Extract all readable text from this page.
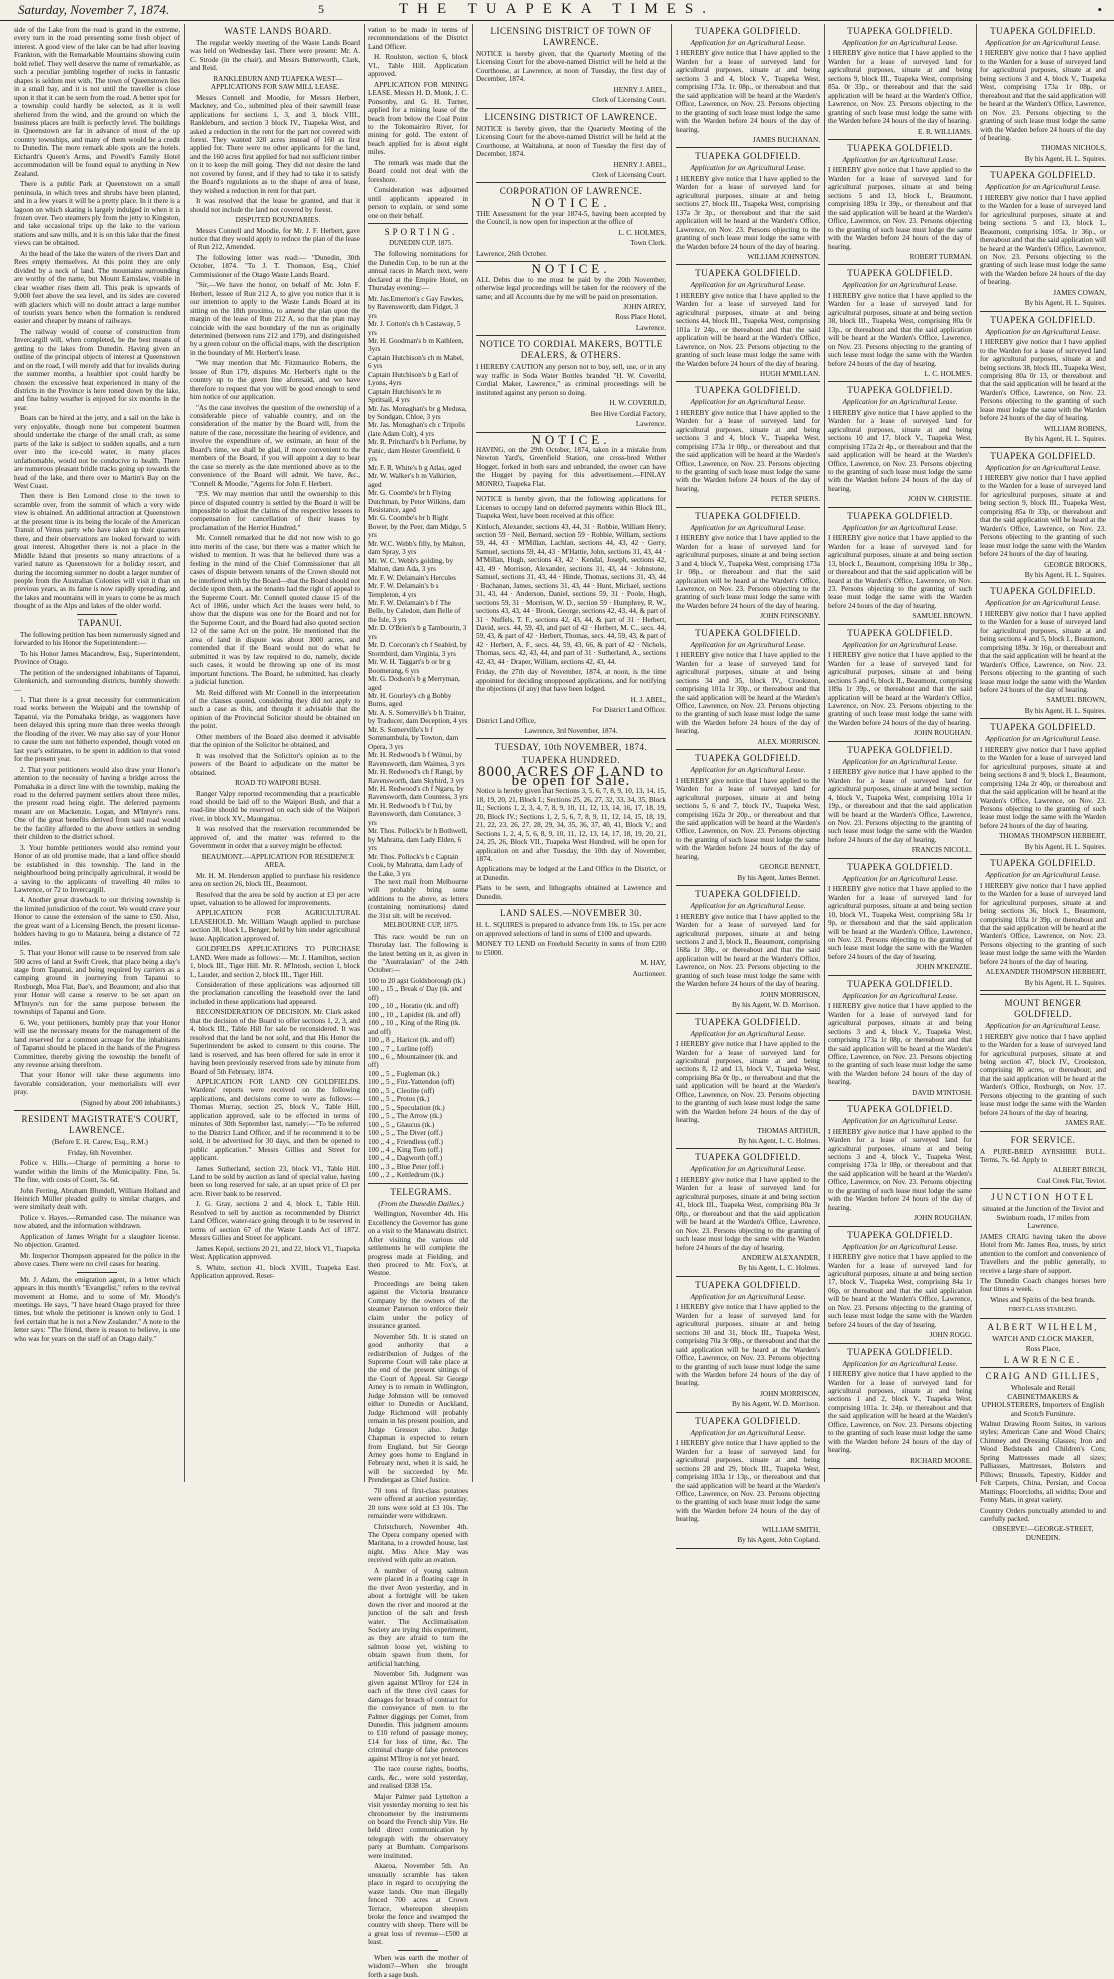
Saturday, November 7, 1874.	5	THE TUAPEKA TIMES.	•

side of the Lake from the road is grand in the extreme, every turn in the road presenting some fresh object of interest. A good view of the lake can be had after leaving Frankton, with the Remarkable Mountains showing cutin bold relief. They well deserve the name of remarkable, as such a peculiar jumbling together of rocks in fantastic shapes is seldom met with. The town of Queenstown lies in a small bay, and it is not until the traveller is close upon it that it can be seen from the road. A better spot for a township could hardly be selected, as it is well sheltered from the wind, and the ground on which the business places are built is perfectly level. The buildings in Queenstown are far in advance of most of the up country townships, and many of them would be a credit to Dunedin. The more remark able spots are the hotels. Eichardt's Queen's Arms, and Powell's Family Hotel accommodation will be found equal to anything in New Zealand.

There is a public Park at Queenstown on a small peninsula, in which trees and shrubs have been planted, and in a few years it will be a pretty place. In it there is a lagoon on which skating is largely indulged in when it is frozen over. Two steamers ply from the jetty to Kingston, and take occasional trips up the lake to the various stations and saw mills, and it is on this lake that the finest views can be obtained.

At the head of the lake the waters of the rivers Dart and Rees empty themselves. At this point they are only divided by a neck of land. The mountains surrounding are worthy of the name, but Mount Earnslaw, visible in clear weather rises them all. This peak is upwards of 9,000 feet above the sea level, and its sides are covered with glaciers which will no doubt attract a large number of tourists years hence when the formation is rendered easier and cheaper by means of railways.

The railway would of course of construction from Invercargill will, when completed, be the best means of getting to the lakes from Dunedin. Having given an outline of the principal objects of interest at Queenstown and on the road, I will merely add that for invalids during the summer months, a healthier spot could hardly be chosen: the excessive heat experienced in many of the districts in the Province is here toned down by the lake, and fine balmy weather is enjoyed for six months in the year.

Boats can be hired at the jetty, and a sail on the lake is very enjoyable, though none but competent boatmen should undertake the charge of the small craft, as some parts of the lake is subject to sudden squalls, and a turn over into the ice-cold water, in many places unfathomable, would not be conducive to health. There are numerous pleasant bridle tracks going up towards the head of the lake, and there over to Martin's Bay on the West Coast.

Then there is Ben Lomond close to the town to scramble over, from the summit of which a very wide view is obtained. An additional attraction at Queenstown at the present time is its being the locale of the American Transit of Venus party who have taken up their quarters there, and their observations are looked forward to with great interest. Altogether there is not a place in the Middle Island that presents so many attractions of a varied nature as Queenstown for a holiday resort, and during the incoming summer no doubt a larger number of people from the Australian Colonies will visit it than on previous years, as its fame is now rapidly spreading, and the lakes and mountains will in years to come be as much thought of as the Alps and lakes of the older world.

TAPANUI.

The following petition has been numerously signed and forwarded to his Honor the Superintendent:—

To his Honor James Macandrew, Esq., Superintendent, Province of Otago.

The petition of the undersigned inhabitants of Tapanui, Glenkenich, and surrounding districts, humbly showeth:—

1. That there is a great necessity for communication road works between the Waipahi and the township of Tapanui, via the Pomahaka bridge, as waggoners have been delayed this spring more than three weeks through the flooding of the river. We may also say of your Honor to cause the sum not hitherto expended, though voted on last year's estimates, to be spent in addition to that voted for the present year.

2. That your petitioners would also draw your Honor's attention to the necessity of having a bridge across the Pomahaka in a direct line with the township, making the road to the deferred payment settlers about three miles, the present road being eight. The deferred payments meant are on Mackenzie, Logan, and M'Intyre's runs. One of the great benefits derived from said road would be the facility afforded to the above settlers in sending their children to the district school.

3. Your humble petitioners would also remind your Honor of an old promise made, that a land office should be established in this township. The land in the neighbourhood being principally agricultural, it would be a saving to the applicants of travelling 40 miles to Lawrence, or 72 to Invercargill.

4. Another great drawback to our thriving township is the limited jurisdiction of the court. We would crave your Honor to cause the extension of the same to £50. Also, the great want of a Licensing Bench, the present license-holders having to go to Mataura, being a distance of 72 miles.

5. That your Honor will cause to be reserved from sale 500 acres of land at Swift Creek, that place being a day's stage from Tapanui, and being required by carriers as a camping ground in journeying from Tapanui to Roxburgh, Moa Flat, Bae's, and Beaumont; and also that your Honor will cause a reserve to be set apart on M'Intyre's run for the same purpose between the townships of Tapanui and Gore.

6. We, your petitioners, humbly pray that your Honor will use the necessary means for the management of the land reserved for a common acreage for the inhabitants of Tapanui should be placed in the hands of the Progress Committee, thereby giving the township the benefit of any revenue arising therefrom.

That your Honor will take these arguments into favorable consideration, your memorialists will ever pray.

(Signed by about 200 inhabitants.)

RESIDENT MAGISTRATE'S COURT, LAWRENCE.

(Before E. H. Carew, Esq., R.M.)

Friday, 6th November.

Police v. Hills.—Charge of permitting a horse to wander within the limits of the Municipality. Fine, 5s. The fine, with costs of Court, 5s. 6d.

John Ferring, Abraham Blundell, William Holland and Heinrich Müller pleaded guilty to similar charges, and were similarly dealt with.

Police v. Hayes.—Remanded case. The nuisance was now abated, and the information withdrawn.

Application of James Wright for a slaughter license. No objection. Granted.

Mr. Inspector Thompson appeared for the police in the above cases. There were no civil cases for hearing.

Mr. J. Adam, the emigration agent, in a letter which appears in this month's "Evangelist," refers to the revival movement at Home, and to some of Mr. Moody's meetings. He says, "I have heard Otago prayed for three times, but whole the petitioner is known only to God. I feel certain that he is not a New Zealander." A note to the letter says: "The friend, there is reason to believe, is one who was for years on the staff of an Otago daily."

WASTE LANDS BOARD.

The regular weekly meeting of the Waste Lands Board was held on Wednesday last. There were present: Mr. A. C. Strode (in the chair), and Messrs Butterworth, Clark, and Reid.

RANKLEBURN AND TUAPEKA WEST—APPLICATIONS FOR SAW MILL LEASE.

Messrs Connell and Moodie, for Messrs Herbert, Mackney, and Co., submitted plea of their sawmill lease applications for sections 1, 3, and 3, block VIII., Rankleburn, and section 3 block IV., Tuapeka West, and asked a reduction in the rent for the part not covered with forest. They wanted 320 acres instead of 160 as first applied for. There were no other applicants for the land, and the 160 acres first applied for had not sufficient timber on it to keep the mill going. They did not desire the land not covered by forest, and if they had to take it to satisfy the Board's regulations as to the shape of area of lease, they wished a reduction in rent for that part.

It was resolved that the lease be granted, and that it should not include the land not covered by forest.

DISPUTED BOUNDARIES.

Messrs Connell and Moodie, for Mr. J. F. Herbert, gave notice that they would apply to reduce the plan of the lease of Run 212, Amended.

The following letter was read:— "Dunedin, 30th October, 1874. "To J. T. Thomson, Esq., Chief Commissioner of the Otago Waste Lands Board.

"Sir,—We have the honor, on behalf of Mr. John F. Herbert, lessee of Run 212 A, to give you notice that it is our intention to apply to the Waste Lands Board at its sitting on the 18th proximo, to amend the plan upon the margin of the lease of Run 212 A, so that the plan may coincide with the east boundary of the run as originally determined (between runs 212 and 179), and distinguished by a green colour on the official maps, with the description in the boundary of Mr. Herbert's lease.

"We may mention that Mr. Fitzmaurice Roberts, the lessee of Run 179, disputes Mr. Herbert's right to the country up to the green line aforesaid, and we have therefore to request that you will be good enough to send him notice of our application.

"As the case involves the question of the ownership of a considerable piece of valuable country, and on the consideration of the matter by the Board will, from the nature of the case, necessitate the hearing of evidence, and involve the expenditure of, we estimate, an hour of the Board's time, we shall be glad, if more convenient to the members of the Board, if you will appoint a day to hear the case so merely as the date mentioned above as to the convenience of the Board will admit. We have, &c., "Connell & Moodie, "Agents for John F. Herbert.

"P.S. We may mention that until the ownership to this piece of disputed country is settled by the Board it will be impossible to adjust the claims of the respective lessees to compensation for cancellation of their leases by proclamation of the Herriot Hundred."

Mr. Connell remarked that he did not now wish to go into merits of the case, but there was a matter which he wished to mention. It was that he believed there was a feeling in the mind of the Chief Commissioner that all cases of dispute between tenants of the Crown should not be interfered with by the Board—that the Board should not decide upon them, as the tenants had the right of appeal to the Supreme Court. Mr. Connell quoted clause 15 of the Act of 1866, under which Act the leases were held, to show that the dispute was one for the Board and not for the Supreme Court, and the Board had also quoted section 12 of the same Act on the point. He mentioned that the area of land in dispute was about 3000 acres, and contended that if the Board would not do what he submitted it was by law required to do, namely, decide such cases, it would be throwing up one of its most important functions. The Board, he submitted, has clearly a judicial function.

Mr. Reid differed with Mr Connell in the interpretation of the clauses quoted, considering they did not apply to such a case as this, and thought it advisable that the opinion of the Provincial Solicitor should be obtained on the point.

Other members of the Board also deemed it advisable that the opinion of the Solicitor be obtained, and

It was resolved that the Solicitor's opinion as to the powers of the Board to adjudicate on the matter be obtained.

ROAD TO WAIPORI BUSH.

Ranger Valpy reported recommending that a practicable road should be laid off to the Waipori Bush, and that a road-line should be reserved on each side of the Waipori river, in block XV., Maungatua.

It was resolved that the reservation recommended be approved of, and the matter was referred to the Government in order that a survey might be effected.

BEAUMONT.—APPLICATION FOR RESIDENCE AREA.

Mr. H. M. Henderson applied to purchase his residence area on section 26, block III., Beaumont.

Resolved that the area be sold by auction at £3 per acre upset, valuation to be allowed for improvements.

APPLICATION FOR AGRICULTURAL LEASEHOLD. Mr. William Waugh applied to purchase section 38, block I., Benger, held by him under agricultural lease. Application approved of.

GOLDFIELDS APPLICATIONS TO PURCHASE LAND. Were made as follows:— Mr. J. Hamilton, section 1, block III., Tiger Hill. Mr. R. M'Intosh, section 1, block I., Lauder, and section 2, block III., Tiger Hill.

Consideration of these applications was adjourned till the proclamation cancelling the leasehold over the land included in these applications had appeared.

RECONSIDERATION OF DECISION. Mr. Clark asked that the decision of the Board to offer sections 1, 2, 3, and 4, block III., Table Hill for sale be reconsidered. It was resolved that the land be not sold, and that His Honor the Superintendent be asked to consent to this course. The land is reserved, and has been offered for sale in error it having been previously reserved from sale by minute from Board of 5th February, 1874.

APPLICATION FOR LAND ON GOLDFIELDS. Wardens' reports were received on the following applications, and decisions come to were as follows:— Thomas Murray, section 25, block V., Table Hill, application approved, sale to be effected in terms of minutes of 30th September last, namely:—"To be referred to the District Land Officer, and if he recommend it to be sold, it be advertised for 30 days, and then be opened to public application." Messrs Gillies and Street for applicant.

James Sutherland, section 23, block VI., Table Hill. Land to be sold by auction as land of special value, having been so long reserved for sale, at an upset price of £3 per acre. River bank to be reserved.

J. G. Gray, sections 2 and 4, block I., Table Hill. Resolved to sell by auction as recommended by District Land Officer, water-race going through it to be reserved in terms of section 67 of the Waste Lands Act of 1872. Messrs Gillies and Street for applicant.

James Kepol, sections 20 21, and 22, block VI., Tuapeka West. Application approved.

S. White, section 41, block XVIII., Tuapeka East. Application approved. Reser-

vation to be made in terms of recommendations of the District Land Officer.

H. Roulston, section 6, block VI., Table Hill. Application approved.

APPLICATION FOR MINING LEASE. Messrs H. D. Monk, J. C. Ponsonby, and G. H. Turner, applied for a mining lease of the beach from below the Coal Point to the Tokomairiro River, for mining for gold. The extent of beach applied for is about eight miles.

The remark was made that the Board could not deal with the foreshore.

Consideration was adjourned until applicants appeared in person to explain, or send some one on their behalf.

SPORTING.

DUNEDIN CUP, 1875.

The following nominations for the Dunedin Cup, to be run at the annual races in March next, were declared at the Empire Hotel, on Thursday evening:—

Mr. Jas.Emerton's c Gay Fawkes, by Ravenswortb, dam Fidget, 3 yrs

Mr. J. Cotton's ch h Castaway, 5 yrs

Mr. H. Goodman's b m Kathleen, 3yrs

Captain Hutchison's ch m Mabel, 6 yrs

Captain Hutchison's b g Earl of Lyons, 4yrs

Captain Hutchison's br m Spritsail, 4 yrs

Mr. Jas. Monaghan's br g Medusa, by Sondgan, Chloe, 3 yrs

Mr. Jas. Monaghan's ch c Tripolis (late Adam Colt), 4 yrs

Mr. R. Pritchard's b h Perfume, by Panic, dam Hester Greenfield, 6 yrs

Mr. F. R. White's b g Atlas, aged

Mr. W. Walker's b m Valkirien, aged

Mr. G. Coombe's br h Flying Dutchman, by Peter Wilkins, dam Resistance, aged

Mr. G. Coombe's br h Right Bower, by the Peer, dam Midge, 5 yrs

Mr. W.C. Webb's filly, by Malton, dam Spray, 3 yrs

Mr. W. C. Webb's golding, by Malton, dam Ada, 3 yrs

Mr. F. W. Delamain's Hercules

Mr. F. W. Delamain's b s Templeton, 4 yrs

Mr. F. W. Delamain's b f The Belle, by Caledon, dam Belle of the Isle, 3 yrs

Mr. D. O'Brien's b g Tambourin, 3 yrs

Mr. D. Corcoran's ch f Seabird, by Stormbird, dam Virginia, 3 yrs

Mr. W. H. Taggart's b or br g Boomerang, 6 yrs

Mr. G. Dodson's b g Merryman, aged

Mr. H. Gourley's ch g Bobby Burns, aged

Mr. A. S. Somerville's b h Traitor, by Traducer, dam Deception, 4 yrs

Mr. S. Somerville's b f Sommambula, by Towton, dam Opera, 3 yrs

Mr. H. Redwood's b f Wiinui, by Ravensworth, dam Waimea, 3 yrs

Mr. H. Redwood's ch f Rangi, by Ravensworth, dam Skybird, 3 yrs

Mr. H. Redwood's ch f Ngaru, by Ravensworth, dam Countess, 3 yrs

Mr. H. Redwood's b f Tui, by Ravensworth, dam Constance, 3 yrs

Mr. Thos. Pollock's br h Bothwell, by Mahratta, dam Lady Elden, 6 yrs

Mr. Thos. Pollock's b c Captain Cook, by Mahratta, dam Lady of the Lake, 3 yrs

The next mail from Melbourne will probably bring some additions to the above, as letters (containing nominations) dated the 31st ult. will be received.

MELBOURNE CUP, 1875.

This race would be run on Thursday last. The following is the latest betting on it, as given in the "Australasian" of the 24th October:—

100 to 20 agst Goldsborough (tk.)

100 ,, 15 ,, Break o' Day (tk. and off)

100 ,, 10 ,, Horatio (tk. and off)

100 ,, 10 ,, Lapidist (tk. and off)

100 ,, 10 ,, King of the Ring (tk. and off)

100 ,, 8 ,, Haricot (tk. and off)

100 ,, 7 ,, Lurline (off)

100 ,, 6 ,, Mountaineer (tk. and off)

100 ,, 5 ,, Fugleman (tk.)

100 ,, 5 ,, Fitz-Yattendon (off)

100 ,, 5 ,, Cleolite (off)

100 ,, 5 ,, Protos (tk.)

100 ,, 5 ,, Speculation (tk.)

100 ,, 5 ,, The Arrow (tk.)

100 ,, 5 ,, Glaucus (tk.)

100 ,, 5 ,, The Diver (off.)

100 ,, 4 ,, Friendless (off.)

100 ,, 4 ,, King Tom (off.)

100 ,, 4 ,, Dagworth (off.)

100 ,, 3 ,, Blue Peter (off.)

100 ,, 2 ,, Kettledrum (tk.)

TELEGRAMS.

(From the Dunedin Dailies.)

Wellington, November 4th. His Excellency the Governor has gone on a visit to the Manawatu district. After visiting the various old settlements he will complete the progress made at Fielding, and then proceed to Mr. Fox's, at Westoe.

Proceedings are being taken against the Victoria Insurance Company by the owners of the steamer Paterson to enforce their claim under the policy of insurance granted.

November 5th. It is stated on good authority that a redistribution of Judges of the Supreme Court will take place at the end of the present sittings of the Court of Appeal. Sir George Arney is to remain in Wellington, Judge Johnston will be removed either to Dunedin or Auckland, Judge Richmond will probably remain in his present position, and Judge Gresson also. Judge Chapman is expected to return from England, but Sir George Arney goes home to England in February next, when it is said, he will be succeeded by Mr. Prendergast as Chief Justice.

70 tons of first-class potatoes were offered at auction yesterday. 20 tons were sold at £3 10s. The remainder were withdrawn.

Christchurch, November 4th. The Opera company opened with Maritana, to a crowded house, last night. Miss Alice May was received with quite an ovation.

A number of young salmon were placed in a floating cage in the river Avon yesterday, and in about a fortnight will be taken down the river and moored at the junction of the salt and fresh water. The Acclimatisation Society are trying this experiment, as they are afraid to turn the salmon loose yet, wishing to obtain spawn from them, for artificial hatching.

November 5th. Judgment was given against M'Ilroy for £24 in each of the three civil cases for damages for breach of contract for the conveyance of men to the Palmer diggings per Comet, from Dunedin. This judgment amounts to £10 refund of passage money, £14 for loss of time, &c. The criminal charge of false pretences against M'Ilroy is not yet heard.

The race course rights, booths, cards, &c., were sold yesterday, and realised £838 15s.

Major Palmer paid Lyttelton a visit yesterday morning to test his chronometer by the instruments on board the French ship Vire. He held direct communication by telegraph with the observatory party at Burnham. Comparisons were instituted.

Akaroa, November 5th. An unusually scramble has taken place in regard to occupying the waste lands. One man illegally fenced 700 acres at Crown Terrace, whereupon sheepists broke the fence and swamped the country with sheep. There will be a great loss of revenue—£500 at least.

When was earth the mother of wisdom?—When she brought forth a sage bush.

LICENSING DISTRICT OF TOWN OF LAWRENCE.

NOTICE is hereby given, that the Quarterly Meeting of the Licensing Court for the above-named District will be held at the Courthouse, at Lawrence, at noon of Tuesday, the first day of December, 1874.

HENRY J. ABEL,

Clerk of Licensing Court.

LICENSING DISTRICT OF LAWRENCE.

NOTICE is hereby given, that the Quarterly Meeting of the Licensing Court for the above-named District will be held at the Courthouse, at Waitahuna, at noon of Tuesday the first day of December, 1874.

HENRY J. ABEL,

Clerk of Licensing Court.

CORPORATION OF LAWRENCE.

NOTICE.

THE Assessment for the year 1874-5, having been accepted by the Council, is now open for inspection at the office of

L. C. HOLMES,

Town Clerk.

Lawrence, 26th October.

NOTICE.

ALL Debts due to me must be paid by the 20th November, otherwise legal proceedings will be taken for the recovery of the same; and all Accounts due by me will be paid on presentation.

JOHN AIREY,

Ross Place Hotel,

Lawrence.

NOTICE TO CORDIAL MAKERS, BOTTLE DEALERS, & OTHERS.

I HEREBY CAUTION any person not to buy, sell, use, or in any way traffic in Soda Water Bottles branded "H. W. Coverild, Cordial Maker, Lawrence," as criminal proceedings will be instituted against any person so doing.

H. W. COVERILD,

Bee Hive Cordial Factory,

Lawrence.

NOTICE.

HAVING, on the 29th October, 1874, taken in a mistake from Newton Yard's, Greenfield Station, one cross-bred Wether Hogget, forked in both ears and unbranded, the owner can have the Hogget by paying for this advertisement.—FINLAY MONRO, Tuapeka Flat.

NOTICE is hereby given, that the following applications for Licenses to occupy land on deferred payments within Block III., Tuapeka West, have been received at this office:

Kinloch, Alexander, sections 43, 44, 31 · Robbie, William Henry, section 59 · Neil, Bernard, section 59 · Robbie, William, sections 59, 44, 43 · M'Millan, Lachlan, sections 44, 43, 42 · Gerry, Samuel, sections 59, 44, 43 · M'Hattie, John, sections 31, 43, 44 · M'Millan, Hugh, sections 43, 42 · Kendal, Joseph, sections 42, 43, 49 · Morrison, Alexander, sections 31, 43, 44 · Johnstone, Samuel, sections 31, 43, 44 · Hinde, Thomas, sections 31, 43, 44 · Buchanan, James, sections 31, 43, 44 · Hunt, Michael, sections 31, 43, 44 · Anderson, Daniel, sections 59, 31 · Poole, Hugh, sections 59, 31 · Morrison, W. D., section 59 · Humphrey, R. W., sections 43, 43, 44 · Brook, George, sections 42, 43, 44, & part of 31 · Nuffels, T. F., sections 42, 43, 44, & part of 31 · Herbert, David, secs. 44, 59, 43, and part of 42 · Herbert, M. C., secs. 44, 59, 43, & part of 42 · Herbert, Thomas, secs. 44, 59, 43, & part of 42 · Herbert, A. F., secs. 44, 59, 43, 66, & part of 42 · Nichols, Thomas, secs. 42, 43, 44, and part of 31 · Sutherland, A., sections 42, 43, 44 · Draper, William, sections 42, 43, 44.

Friday, the 27th day of November, 1874, at noon, is the time appointed for deciding unopposed applications, and for notifying the objections (if any) that have been lodged.

H. J. ABEL,

For District Land Officer.

District Land Office,

Lawrence, 3rd November, 1874.

TUESDAY, 10th NOVEMBER, 1874.

TUAPEKA HUNDRED.

8000 ACRES OF LAND to be open for Sale.

Notice is hereby given that Sections 3, 5, 6, 7, 8, 9, 10, 13, 14, 15, 18, 19, 20, 21, Block I.; Sections 25, 26, 27, 32, 33, 34, 35, Block II.; Sections 1, 2, 3, 4, 7, 8, 9, 10, 11, 12, 13, 14, 16, 17, 18, 19, 20, Block IV.; Sections 1, 2, 5, 6, 7, 8, 9, 11, 12, 14, 15, 18, 19, 21, 22, 23, 26, 27, 28, 29, 34, 35, 36, 37, 40, 41, Block V.; and Sections 1, 2, 4, 5, 6, 8, 9, 10, 11, 12, 13, 14, 17, 18, 19, 20, 21, 24, 25, 26, Block VII., Tuapeka West Hundred, will be open for application on and after Tuesday, the 10th day of November, 1874.

Applications may be lodged at the Land Office in the District, or at Dunedin.

Plans to be seen, and lithographs obtained at Lawrence and Dunedin.

LAND SALES.—NOVEMBER 30.

H. L. SQUIRES is prepared to advance from 10s. to 15s. per acre on approved selections of land in sums of £100 and upwards.

MONEY TO LEND on Freehold Security in sums of from £200 to £5000.

M. HAY,

Auctioneer.

TUAPEKA GOLDFIELD.

Application for an Agricultural Lease.

I HEREBY give notice that I have applied to the Warden for a lease of surveyed land for agricultural purposes, situate at and being sections 3 and 4, block V., Tuapeka West, comprising 173a. 1r. 08p., or thereabout and that the said application will be heard at the Warden's Office, Lawrence, on Nov. 23. Persons objecting to the granting of such lease must lodge the same with the Warden before 24 hours of the day of hearing.

JAMES BUCHANAN.

TUAPEKA GOLDFIELD.

Application for an Agricultural Lease.

I HEREBY give notice that I have applied to the Warden for a lease of surveyed land for agricultural purposes, situate at and being sections 27, block III., Tuapeka West, comprising 137a 3r 3p., or thereabout and that the said application will be heard at the Warden's Office, Lawrence, on Nov. 23. Persons objecting to the granting of such lease must lodge the same with the Warden before 24 hours of the day of hearing.

WILLIAM JOHNSTON.

TUAPEKA GOLDFIELD.

Application for an Agricultural Lease.

I HEREBY give notice that I have applied to the Warden for a lease of surveyed land for agricultural purposes, situate at and being sections 44, block III., Tuapeka West, comprising 101a 1r 24p., or thereabout and that the said application will be heard at the Warden's Office, Lawrence, on Nov. 23. Persons objecting to the granting of such lease must lodge the same with the Warden before 24 hours of the day of hearing.

HUGH M'MILLAN.

TUAPEKA GOLDFIELD.

Application for an Agricultural Lease.

I HEREBY give notice that I have applied to the Warden for a lease of surveyed land for agricultural purposes, situate at and being sections 3 and 4, block V., Tuapeka West, comprising 173a 1r 08p., or thereabout and that the said application will be heard at the Warden's Office, Lawrence, on Nov. 23. Persons objecting to the granting of such lease must lodge the same with the Warden before 24 hours of the day of hearing.

PETER SPIERS.

TUAPEKA GOLDFIELD.

Application for an Agricultural Lease.

I HEREBY give notice that I have applied to the Warden for a lease of surveyed land for agricultural purposes, situate at and being section 3 and 4, block V., Tuapeka West, comprising 173a 1r 08p., or thereabout and that the said application will be heard at the Warden's Office, Lawrence, on Nov. 23. Persons objecting to the granting of such lease must lodge the same with the Warden before 24 hours of the day of hearing.

JOHN FONSONBY.

TUAPEKA GOLDFIELD.

Application for an Agricultural Lease.

I HEREBY give notice that I have applied to the Warden for a lease of surveyed land for agricultural purposes, situate at and being sections 34 and 35, block IV., Crookston, comprising 101a 1r 30p., or thereabout and that the said application will be heard at the Warden's Office, Lawrence, on Nov. 23. Persons objecting to the granting of such lease must lodge the same with the Warden before 24 hours of the day of hearing.

ALEX. MORRISON.

TUAPEKA GOLDFIELD.

Application for an Agricultural Lease.

I HEREBY give notice that I have applied to the Warden for a lease of surveyed land for agricultural purposes, situate at and being sections 5, 6 and 7, block IV., Tuapeka West, comprising 162a 3r 20p., or thereabout and that the said application will be heard at the Warden's Office, Lawrence, on Nov. 23. Persons objecting to the granting of such lease must lodge the same with the Warden before 24 hours of the day of hearing.

GEORGE BENNET,

By his Agent, James Bennet.

TUAPEKA GOLDFIELD.

Application for an Agricultural Lease.

I HEREBY give notice that I have applied to the Warden for a lease of surveyed land for agricultural purposes, situate at and being sections 2 and 3, block II., Beaumont, comprising 168a 1r 38p., or thereabout and that the said application will be heard at the Warden's Office, Lawrence, on Nov. 23. Persons objecting to the granting of such lease must lodge the same with the Warden before 24 hours of the day of hearing.

JOHN MORRISON,

By his Agent, W. D. Morrison.

TUAPEKA GOLDFIELD.

Application for an Agricultural Lease.

I HEREBY give notice that I have applied to the Warden for a lease of surveyed land for agricultural purposes, situate at and being sections 8, 12 and 13, block V., Tuapeka West, comprising 86a 0r 0p., or thereabout and that the said application will be heard at the Warden's Office, Lawrence, on Nov. 23. Persons objecting to the granting of such lease must lodge the same with the Warden before 24 hours of the day of hearing.

THOMAS ARTHUR,

By his Agent, L. C. Holmes.

TUAPEKA GOLDFIELD.

Application for an Agricultural Lease.

I HEREBY give notice that I have applied to the Warden for a lease of surveyed land for agricultural purposes, situate at and being section 41, block III., Tuapeka West, comprising 80a 3r 08p., or thereabout and that the said application will be heard at the Warden's Office, Lawrence, on Nov. 23. Persons objecting to the granting of such lease must lodge the same with the Warden before 24 hours of the day of hearing.

ANDREW ALEXANDER,

By his Agent, L. C. Holmes.

TUAPEKA GOLDFIELD.

Application for an Agricultural Lease.

I HEREBY give notice that I have applied to the Warden for a lease of surveyed land for agricultural purposes, situate at and being sections 30 and 31, block III., Tuapeka West, comprising 70a 3r 08p., or thereabout and that the said application will be heard at the Warden's Office, Lawrence, on Nov. 23. Persons objecting to the granting of such lease must lodge the same with the Warden before 24 hours of the day of hearing.

JOHN MORRISON,

By his Agent, W. D. Morrison.

TUAPEKA GOLDFIELD.

Application for an Agricultural Lease.

I HEREBY give notice that I have applied to the Warden for a lease of surveyed land for agricultural purposes, situate at and being sections 28 and 29, block III., Tuapeka West, comprising 103a 1r 13p., or thereabout and that the said application will be heard at the Warden's Office, Lawrence, on Nov. 23. Persons objecting to the granting of such lease must lodge the same with the Warden before 24 hours of the day of hearing.

WILLIAM SMITH,

By his Agent, John Copland.

TUAPEKA GOLDFIELD.

Application for an Agricultural Lease.

I HEREBY give notice that I have applied to the Warden for a lease of surveyed land for agricultural purposes, situate at and being sections 9, block III., Tuapeka West, comprising 85a. 0r 33p., or thereabout and that the said application will be heard at the Warden's Office, Lawrence, on Nov. 23. Persons objecting to the granting of such lease must lodge the same with the Warden before 24 hours of the day of hearing.

E. R. WILLIAMS.

TUAPEKA GOLDFIELD.

Application for an Agricultural Lease.

I HEREBY give notice that I have applied to the Warden for a lease of surveyed land for agricultural purposes, situate at and being sections 5 and 13, block I., Beaumont, comprising 189a 1r 39p., or thereabout and that the said application will be heard at the Warden's Office, Lawrence, on Nov. 23. Persons objecting to the granting of such lease must lodge the same with the Warden before 24 hours of the day of hearing.

ROBERT TURMAN.

TUAPEKA GOLDFIELD.

Application for an Agricultural Lease.

I HEREBY give notice that I have applied to the Warden for a lease of surveyed land for agricultural purposes, situate at and being section 38, block III., Tuapeka West, comprising 80a 0r 13p., or thereabout and that the said application will be heard at the Warden's Office, Lawrence, on Nov. 23. Persons objecting to the granting of such lease must lodge the same with the Warden before 24 hours of the day of hearing.

L. C. HOLMES.

TUAPEKA GOLDFIELD.

Application for an Agricultural Lease.

I HEREBY give notice that I have applied to the Warden for a lease of surveyed land for agricultural purposes, situate at and being sections 10 and 17, block V., Tuapeka West, comprising 172a 2r 4p., or thereabout and that the said application will be heard at the Warden's Office, Lawrence, on Nov. 23. Persons objecting to the granting of such lease must lodge the same with the Warden before 24 hours of the day of hearing.

JOHN W. CHRISTIE.

TUAPEKA GOLDFIELD.

Application for an Agricultural Lease.

I HEREBY give notice that I have applied to the Warden for a lease of surveyed land for agricultural purposes, situate at and being section 13, block I., Beaumont, comprising 109a 1r 38p., or thereabout and that the said application will be heard at the Warden's Office, Lawrence, on Nov. 23. Persons objecting to the granting of such lease must lodge the same with the Warden before 24 hours of the day of hearing.

SAMUEL BROWN.

TUAPEKA GOLDFIELD.

Application for an Agricultural Lease.

I HEREBY give notice that I have applied to the Warden for a lease of surveyed land for agricultural purposes, situate at and being sections 5 and 6, block II., Beaumont, comprising 189a 1r 39p., or thereabout and that the said application will be heard at the Warden's Office, Lawrence, on Nov. 23. Persons objecting to the granting of such lease must lodge the same with the Warden before 24 hours of the day of hearing.

JOHN ROUGHAN.

TUAPEKA GOLDFIELD.

Application for an Agricultural Lease.

I HEREBY give notice that I have applied to the Warden for a lease of surveyed land for agricultural purposes, situate at and being section 4, block V., Tuapeka West, comprising 101a 1r 19p., or thereabout and that the said application will be heard at the Warden's Office, Lawrence, on Nov. 23. Persons objecting to the granting of such lease must lodge the same with the Warden before 24 hours of the day of hearing.

FRANCIS NICOLL.

TUAPEKA GOLDFIELD.

Application for an Agricultural Lease.

I HEREBY give notice that I have applied to the Warden for a lease of surveyed land for agricultural purposes, situate at and being section 10, block VI., Tuapeka West, comprising 58a 1r 9p, or thereabout and that the said application will be heard at the Warden's Office, Lawrence, on Nov. 23. Persons objecting to the granting of such lease must lodge the same with the Warden before 24 hours of the day of hearing.

JOHN M'KENZIE.

TUAPEKA GOLDFIELD.

Application for an Agricultural Lease.

I HEREBY give notice that I have applied to the Warden for a lease of surveyed land for agricultural purposes, situate at and being sections 3 and 4, block V., Tuapeka West, comprising 173a 1r 08p, or thereabout and that the said application will be heard at the Warden's Office, Lawrence, on Nov. 23. Persons objecting to the granting of such lease must lodge the same with the Warden before 24 hours of the day of hearing.

DAVID M'INTOSH.

TUAPEKA GOLDFIELD.

Application for an Agricultural Lease.

I HEREBY give notice that I have applied to the Warden for a lease of surveyed land for agricultural purposes, situate at and being sections 3 and 4, block V., Tuapeka West, comprising 173a 1r 08p, or thereabout and that the said application will be heard at the Warden's Office, Lawrence, on Nov. 23. Persons objecting to the granting of such lease must lodge the same with the Warden before 24 hours of the day of hearing.

JOHN ROUGHAN.

TUAPEKA GOLDFIELD.

Application for an Agricultural Lease.

I HEREBY give notice that I have applied to the Warden for a lease of surveyed land for agricultural purposes, situate at and being section 17, block V., Tuapeka West, comprising 84a 1r 06p, or thereabout and that the said application will be heard at the Warden's Office, Lawrence, on Nov. 23. Persons objecting to the granting of such lease must lodge the same with the Warden before 24 hours of the day of hearing.

JOHN ROGG.

TUAPEKA GOLDFIELD.

Application for an Agricultural Lease.

I HEREBY give notice that I have applied to the Warden for a lease of surveyed land for agricultural purposes, situate at and being sections 1 and 2, block V., Tuapeka West, comprising 101a. 1r. 24p. or thereabout and that the said application will be heard at the Warden's Office, Lawrence, on Nov. 23. Persons objecting to the granting of such lease must lodge the same with the Warden before 24 hours of the day of hearing.

RICHARD MOORE.

TUAPEKA GOLDFIELD.

Application for an Agricultural Lease.

I HEREBY give notice that I have applied to the Warden for a lease of surveyed land for agricultural purposes, situate at and being sections 3 and 4, block V., Tuapeka West, comprising 173a 1r 08p, or thereabout and that the said application will be heard at the Warden's Office, Lawrence, on Nov. 23. Persons objecting to the granting of such lease must lodge the same with the Warden before 24 hours of the day of hearing.

THOMAS NICHOLS,

By his Agent, H. L. Squires.

TUAPEKA GOLDFIELD.

Application for an Agricultural Lease.

I HEREBY give notice that I have applied to the Warden for a lease of surveyed land for agricultural purposes, situate at and being sections 5 and 13, block I., Beaumont, comprising 105a. 1r 36p., or thereabout and that the said application will be heard at the Warden's Office, Lawrence, on Nov. 23. Persons objecting to the granting of such lease must lodge the same with the Warden before 24 hours of the day of hearing.

JAMES COWAN,

By his Agent, H. L. Squires.

TUAPEKA GOLDFIELD.

Application for an Agricultural Lease.

I HEREBY give notice that I have applied to the Warden for a lease of surveyed land for agricultural purposes, situate at and being sections 38, block III., Tuapeka West, comprising 80a 0r 13, or thereabout and that the said application will be heard at the Warden's Office, Lawrence, on Nov. 23. Persons objecting to the granting of such lease must lodge the same with the Warden before 24 hours of the day of hearing.

WILLIAM ROBINS,

By his Agent, H. L. Squires.

TUAPEKA GOLDFIELD.

Application for an Agricultural Lease.

I HEREBY give notice that I have applied to the Warden for a lease of surveyed land for agricultural purposes, situate at and being section 9, block III., Tuapeka West, comprising 85a 0r 33p, or thereabout and that the said application will be heard at the Warden's Office, Lawrence, on Nov. 23. Persons objecting to the granting of such lease must lodge the same with the Warden before 24 hours of the day of hearing.

GEORGE BROOKS,

By his Agent, H. L. Squires.

TUAPEKA GOLDFIELD.

Application for an Agricultural Lease.

I HEREBY give notice that I have applied to the Warden for a lease of surveyed land for agricultural purposes, situate at and being sections 4 and 5, block I., Beaumont, comprising 189a. 3r 16p, or thereabout and that the said application will be heard at the Warden's Office, Lawrence, on Nov. 23. Persons objecting to the granting of such lease must lodge the same with the Warden before 24 hours of the day of hearing.

SAMUEL BROWN,

By his Agent, H. L. Squires.

TUAPEKA GOLDFIELD.

Application for an Agricultural Lease.

I HEREBY give notice that I have applied to the Warden for a lease of surveyed land for agricultural purposes, situate at and being sections 8 and 9, block I., Beaumont, comprising 124a 2r 40p, or thereabout and that the said application will be heard at the Warden's Office, Lawrence, on Nov. 23. Persons objecting to the granting of such lease must lodge the same with the Warden before 24 hours of the day of hearing.

THOMAS THOMPSON HERBERT,

By his Agent, H. L. Squires.

TUAPEKA GOLDFIELD.

Application for an Agricultural Lease.

I HEREBY give notice that I have applied to the Warden for a lease of surveyed land for agricultural purposes, situate at and being sections 36, block I., Beaumont, comprising 103a 1r 39p, or thereabout and that the said application will be heard at the Warden's Office, Lawrence, on Nov. 23. Persons objecting to the granting of such lease must lodge the same with the Warden before 24 hours of the day of hearing.

ALEXANDER THOMPSON HERBERT,

By his Agent, H. L. Squires.

MOUNT BENGER GOLDFIELD.

Application for an Agricultural Lease.

I HEREBY give notice that I have applied to the Warden for a lease of surveyed land for agricultural purposes, situate at and being section 47, block IV., Crookston, comprising 80 acres, or thereabout; and that the said application will be heard at the Warden's Office, Roxburgh, on Nov. 17. Persons objecting to the granting of such lease must lodge the same with the Warden before 24 hours of the day of hearing.

JAMES RAE.

FOR SERVICE.

A PURE-BRED AYRSHIRE BULL. Terms, 7s. 6d. Apply to

ALBERT BIRCH,

Coal Creek Flat, Teviot.

JUNCTION HOTEL

situated at the Junction of the Teviot and Swinburn roads, 17 miles from Lawrence.

JAMES CRAIG having taken the above Hotel from Mr. James Rea, trusts, by strict attention to the comfort and convenience of Travellers and the public generally, to receive a large share of support.

The Dunedin Coach changes horses here four times a week.

Wines and Spirits of the best brands.

FIRST-CLASS STABLING.

ALBERT WILHELM,

WATCH AND CLOCK MAKER,

Ross Place,

LAWRENCE.

CRAIG AND GILLIES,

Wholesale and Retail CABINETMAKERS & UPHOLSTERERS, Importers of English and Scotch Furniture.

Walnut Drawing Room Suites, in various styles; American Cane and Wood Chairs; Chimney and Dressing Glasses; Iron and Wood Bedsteads and Children's Cots; Spring Mattresses made all sizes; Palliasses, Mattresses, Bolsters and Pillows; Brussels, Tapestry, Kidder and Felt Carpets, China, Persian, and Cocoa Mattings; Floorcloths, all widths; Door and Fenny Mats, in great variety.

Country Orders punctually attended to and carefully packed.

OBSERVE!—GEORGE-STREET, DUNEDIN.
